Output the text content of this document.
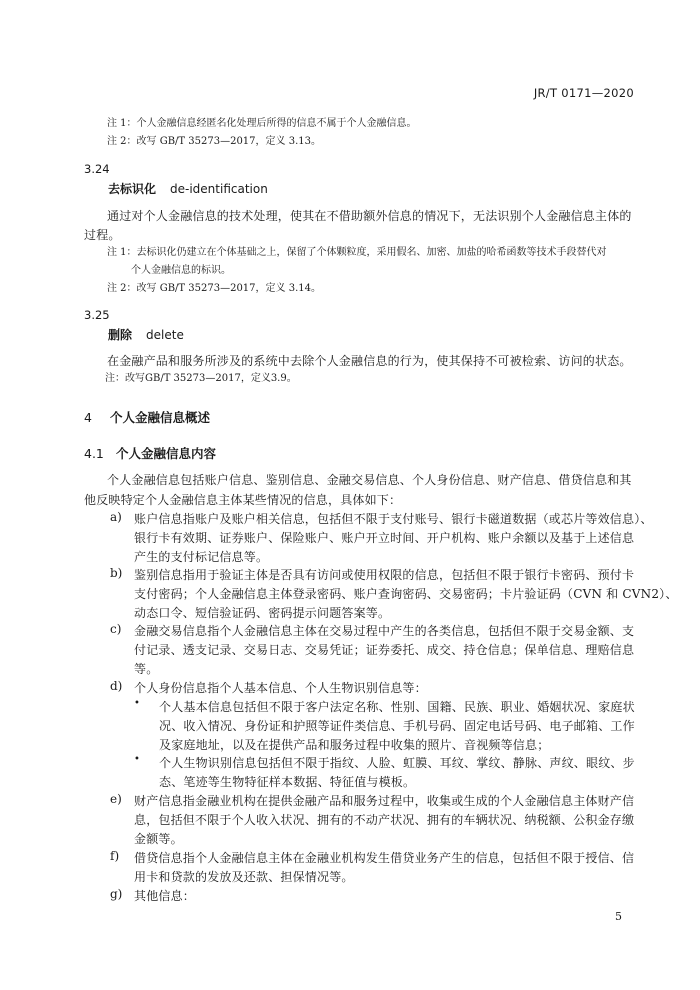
JR/T 0171—2020
注 1：个人金融信息经匿名化处理后所得的信息不属于个人金融信息。
注 2：改写 GB/T 35273—2017，定义 3.13。
3.24
去标识化 de-identification
通过对个人金融信息的技术处理，使其在不借助额外信息的情况下，无法识别个人金融信息主体的
过程。
注 1：去标识化仍建立在个体基础之上，保留了个体颗粒度，采用假名、加密、加盐的哈希函数等技术手段替代对
个人金融信息的标识。
注 2：改写 GB/T 35273—2017，定义 3.14。
3.25
删除 delete
在金融产品和服务所涉及的系统中去除个人金融信息的行为，使其保持不可被检索、访问的状态。
注：改写GB/T 35273—2017，定义3.9。
4 个人金融信息概述
4.1 个人金融信息内容
个人金融信息包括账户信息、鉴别信息、金融交易信息、个人身份信息、财产信息、借贷信息和其
他反映特定个人金融信息主体某些情况的信息，具体如下：
a) 账户信息指账户及账户相关信息，包括但不限于支付账号、银行卡磁道数据（或芯片等效信息）、
银行卡有效期、证券账户、保险账户、账户开立时间、开户机构、账户余额以及基于上述信息
产生的支付标记信息等。
b) 鉴别信息指用于验证主体是否具有访问或使用权限的信息，包括但不限于银行卡密码、预付卡
支付密码；个人金融信息主体登录密码、账户查询密码、交易密码；卡片验证码（CVN 和 CVN2）、
动态口令、短信验证码、密码提示问题答案等。
c) 金融交易信息指个人金融信息主体在交易过程中产生的各类信息，包括但不限于交易金额、支
付记录、透支记录、交易日志、交易凭证；证券委托、成交、持仓信息；保单信息、理赔信息
等。
d) 个人身份信息指个人基本信息、个人生物识别信息等：
• 个人基本信息包括但不限于客户法定名称、性别、国籍、民族、职业、婚姻状况、家庭状
况、收入情况、身份证和护照等证件类信息、手机号码、固定电话号码、电子邮箱、工作
及家庭地址，以及在提供产品和服务过程中收集的照片、音视频等信息；
• 个人生物识别信息包括但不限于指纹、人脸、虹膜、耳纹、掌纹、静脉、声纹、眼纹、步
态、笔迹等生物特征样本数据、特征值与模板。
e) 财产信息指金融业机构在提供金融产品和服务过程中，收集或生成的个人金融信息主体财产信
息，包括但不限于个人收入状况、拥有的不动产状况、拥有的车辆状况、纳税额、公积金存缴
金额等。
f) 借贷信息指个人金融信息主体在金融业机构发生借贷业务产生的信息，包括但不限于授信、信
用卡和贷款的发放及还款、担保情况等。
g) 其他信息：
5
